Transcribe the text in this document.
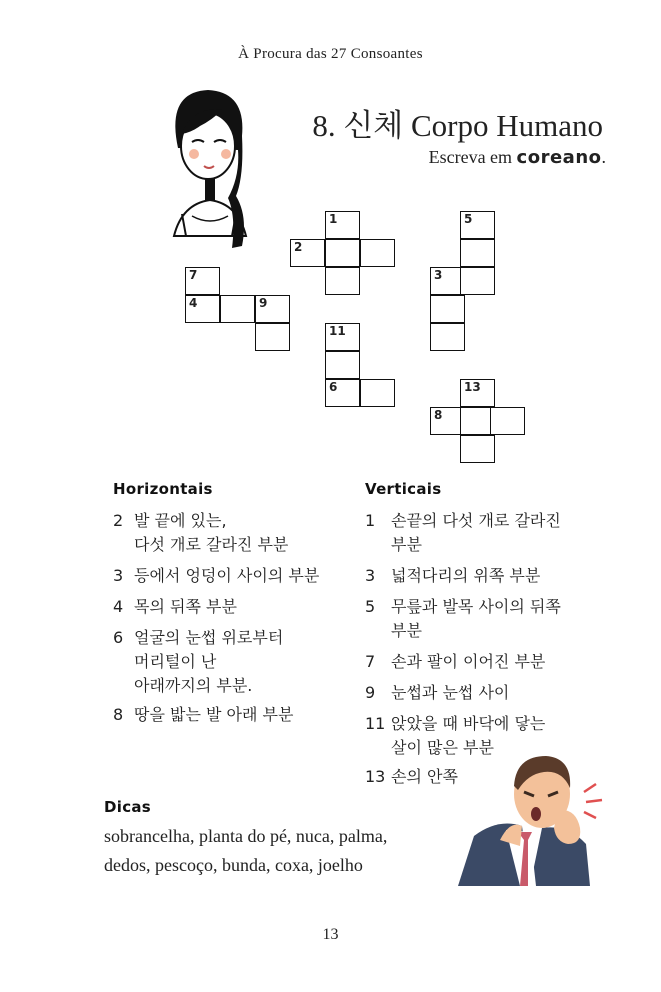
À Procura das 27 Consoantes
8. 신체 Corpo Humano
Escreva em coreano.
1
2
5
3
7
4	9
11
6	13
8
Horizontais
2 발 끝에 있는,
다섯 개로 갈라진 부분
3 등에서 엉덩이 사이의 부분
4 목의 뒤쪽 부분
6 얼굴의 눈썹 위로부터
머리털이 난
아래까지의 부분.
8 땅을 밟는 발 아래 부분
Verticais
1 손끝의 다섯 개로 갈라진
부분
3 넓적다리의 위쪽 부분
5 무릎과 발목 사이의 뒤쪽
부분
7 손과 팔이 이어진 부분
9 눈썹과 눈썹 사이
11 앉았을 때 바닥에 닿는
살이 많은 부분
13 손의 안쪽
Dicas
sobrancelha, planta do pé, nuca, palma,
dedos, pescoço, bunda, coxa, joelho
13
